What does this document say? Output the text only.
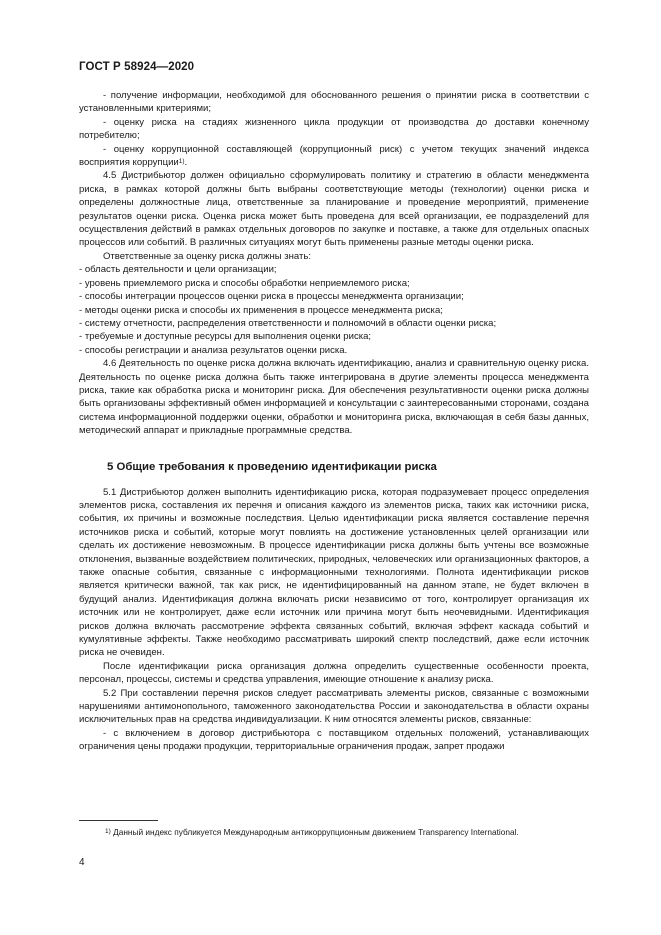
ГОСТ Р 58924—2020

- получение информации, необходимой для обоснованного решения о принятии риска в соответствии с установленными критериями;

- оценку риска на стадиях жизненного цикла продукции от производства до доставки конечному потребителю;

- оценку коррупционной составляющей (коррупционный риск) с учетом текущих значений индекса восприятия коррупции$^{1)}$.

4.5 Дистрибьютор должен официально сформулировать политику и стратегию в области менеджмента риска, в рамках которой должны быть выбраны соответствующие методы (технологии) оценки риска и определены должностные лица, ответственные за планирование и проведение мероприятий, применение результатов оценки риска. Оценка риска может быть проведена для всей организации, ее подразделений для осуществления действий в рамках отдельных договоров по закупке и поставке, а также для отдельных опасных процессов или событий. В различных ситуациях могут быть применены разные методы оценки риска.

Ответственные за оценку риска должны знать:

- область деятельности и цели организации;

- уровень приемлемого риска и способы обработки неприемлемого риска;

- способы интеграции процессов оценки риска в процессы менеджмента организации;

- методы оценки риска и способы их применения в процессе менеджмента риска;

- систему отчетности, распределения ответственности и полномочий в области оценки риска;

- требуемые и доступные ресурсы для выполнения оценки риска;

- способы регистрации и анализа результатов оценки риска.

4.6 Деятельность по оценке риска должна включать идентификацию, анализ и сравнительную оценку риска. Деятельность по оценке риска должна быть также интегрирована в другие элементы процесса менеджмента риска, такие как обработка риска и мониторинг риска. Для обеспечения результативности оценки риска должны быть организованы эффективный обмен информацией и консультации с заинтересованными сторонами, создана система информационной поддержки оценки, обработки и мониторинга риска, включающая в себя базы данных, методический аппарат и прикладные программные средства.

5 Общие требования к проведению идентификации риска

5.1 Дистрибьютор должен выполнить идентификацию риска, которая подразумевает процесс определения элементов риска, составления их перечня и описания каждого из элементов риска, таких как источники риска, события, их причины и возможные последствия. Целью идентификации риска является составление перечня источников риска и событий, которые могут повлиять на достижение установленных целей организации или сделать их достижение невозможным. В процессе идентификации риска должны быть учтены все возможные отклонения, вызванные воздействием политических, природных, человеческих или организационных факторов, а также опасные события, связанные с информационными технологиями. Полнота идентификации рисков является критически важной, так как риск, не идентифицированный на данном этапе, не будет включен в будущий анализ. Идентификация должна включать риски независимо от того, контролирует организация их источник или не контролирует, даже если источник или причина могут быть неочевидными. Идентификация рисков должна включать рассмотрение эффекта связанных событий, включая эффект каскада событий и кумулятивные эффекты. Также необходимо рассматривать широкий спектр последствий, даже если источник риска не очевиден.

После идентификации риска организация должна определить существенные особенности проекта, персонал, процессы, системы и средства управления, имеющие отношение к анализу риска.

5.2 При составлении перечня рисков следует рассматривать элементы рисков, связанные с возможными нарушениями антимонопольного, таможенного законодательства России и законодательства в области охраны исключительных прав на средства индивидуализации. К ним относятся элементы рисков, связанные:

- с включением в договор дистрибьютора с поставщиком отдельных положений, устанавливающих ограничения цены продажи продукции, территориальные ограничения продаж, запрет продажи

$^{1)}$ Данный индекс публикуется Международным антикоррупционным движением Transparency International.
4
